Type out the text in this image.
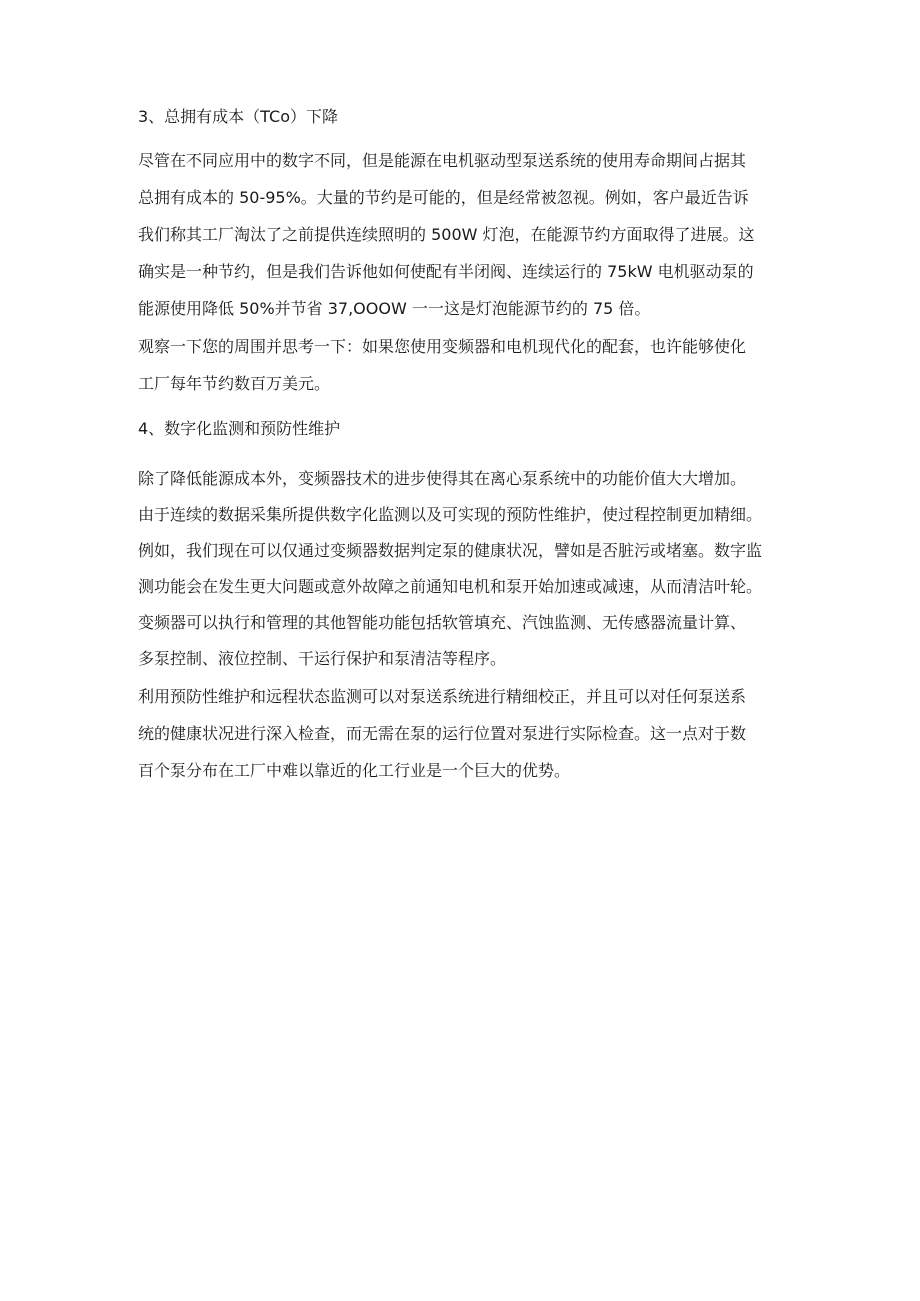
3、总拥有成本（TCo）下降

尽管在不同应用中的数字不同，但是能源在电机驱动型泵送系统的使用寿命期间占据其

总拥有成本的 50-95%。大量的节约是可能的，但是经常被忽视。例如，客户最近告诉

我们称其工厂淘汰了之前提供连续照明的 500W 灯泡，在能源节约方面取得了进展。这

确实是一种节约，但是我们告诉他如何使配有半闭阀、连续运行的 75kW 电机驱动泵的

能源使用降低 50%并节省 37,OOOW 一一这是灯泡能源节约的 75 倍。

观察一下您的周围并思考一下：如果您使用变频器和电机现代化的配套，也许能够使化

工厂每年节约数百万美元。

4、数字化监测和预防性维护

除了降低能源成本外，变频器技术的进步使得其在离心泵系统中的功能价值大大增加。

由于连续的数据采集所提供数字化监测以及可实现的预防性维护，使过程控制更加精细。

例如，我们现在可以仅通过变频器数据判定泵的健康状况，譬如是否脏污或堵塞。数字监

测功能会在发生更大问题或意外故障之前通知电机和泵开始加速或减速，从而清洁叶轮。

变频器可以执行和管理的其他智能功能包括软管填充、汽蚀监测、无传感器流量计算、

多泵控制、液位控制、干运行保护和泵清洁等程序。

利用预防性维护和远程状态监测可以对泵送系统进行精细校正，并且可以对任何泵送系

统的健康状况进行深入检查，而无需在泵的运行位置对泵进行实际检查。这一点对于数

百个泵分布在工厂中难以靠近的化工行业是一个巨大的优势。
